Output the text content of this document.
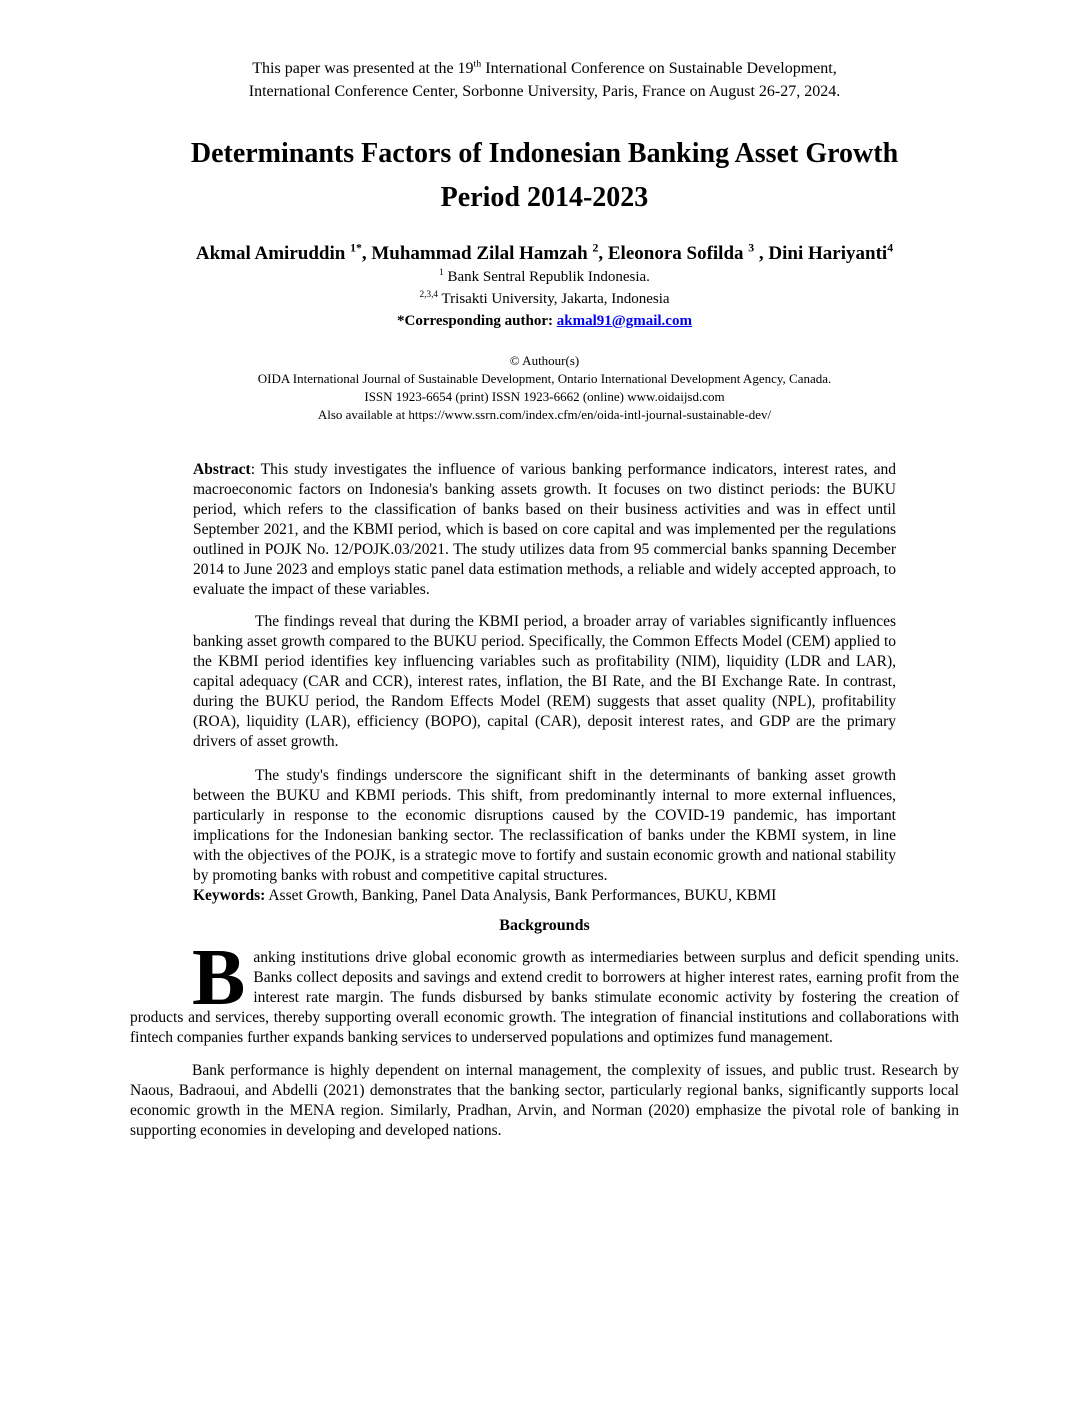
This paper was presented at the 19th International Conference on Sustainable Development,
International Conference Center, Sorbonne University, Paris, France on August 26-27, 2024.

Determinants Factors of Indonesian Banking Asset Growth
Period 2014-2023

Akmal Amiruddin $^{1*}$, Muhammad Zilal Hamzah $^2$, Eleonora Sofilda $^3$ , Dini Hariyanti$^4$

$^1$ Bank Sentral Republik Indonesia.

$^{2,3,4}$ Trisakti University, Jakarta, Indonesia

*Corresponding author: akmal91@gmail.com

© Authour(s)
OIDA International Journal of Sustainable Development, Ontario International Development Agency, Canada.
ISSN 1923-6654 (print) ISSN 1923-6662 (online) www.oidaijsd.com
Also available at https://www.ssrn.com/index.cfm/en/oida-intl-journal-sustainable-dev/

Abstract: This study investigates the influence of various banking performance indicators, interest rates, and macroeconomic factors on Indonesia's banking assets growth. It focuses on two distinct periods: the BUKU period, which refers to the classification of banks based on their business activities and was in effect until September 2021, and the KBMI period, which is based on core capital and was implemented per the regulations outlined in POJK No. 12/POJK.03/2021. The study utilizes data from 95 commercial banks spanning December 2014 to June 2023 and employs static panel data estimation methods, a reliable and widely accepted approach, to evaluate the impact of these variables.

The findings reveal that during the KBMI period, a broader array of variables significantly influences banking asset growth compared to the BUKU period. Specifically, the Common Effects Model (CEM) applied to the KBMI period identifies key influencing variables such as profitability (NIM), liquidity (LDR and LAR), capital adequacy (CAR and CCR), interest rates, inflation, the BI Rate, and the BI Exchange Rate. In contrast, during the BUKU period, the Random Effects Model (REM) suggests that asset quality (NPL), profitability (ROA), liquidity (LAR), efficiency (BOPO), capital (CAR), deposit interest rates, and GDP are the primary drivers of asset growth.

The study's findings underscore the significant shift in the determinants of banking asset growth between the BUKU and KBMI periods. This shift, from predominantly internal to more external influences, particularly in response to the economic disruptions caused by the COVID-19 pandemic, has important implications for the Indonesian banking sector. The reclassification of banks under the KBMI system, in line with the objectives of the POJK, is a strategic move to fortify and sustain economic growth and national stability by promoting banks with robust and competitive capital structures.

Keywords: Asset Growth, Banking, Panel Data Analysis, Bank Performances, BUKU, KBMI

Backgrounds

Banking institutions drive global economic growth as intermediaries between surplus and deficit spending units. Banks collect deposits and savings and extend credit to borrowers at higher interest rates, earning profit from the interest rate margin. The funds disbursed by banks stimulate economic activity by fostering the creation of products and services, thereby supporting overall economic growth. The integration of financial institutions and collaborations with fintech companies further expands banking services to underserved populations and optimizes fund management.

Bank performance is highly dependent on internal management, the complexity of issues, and public trust. Research by Naous, Badraoui, and Abdelli (2021) demonstrates that the banking sector, particularly regional banks, significantly supports local economic growth in the MENA region. Similarly, Pradhan, Arvin, and Norman (2020) emphasize the pivotal role of banking in supporting economies in developing and developed nations.
